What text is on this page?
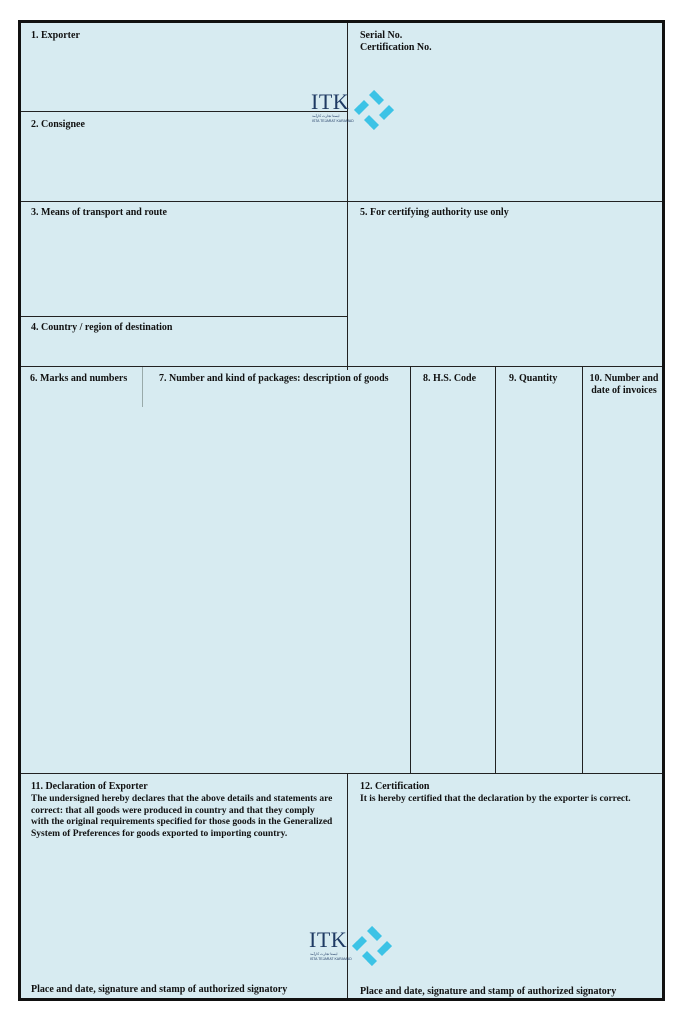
1. Exporter	Serial No.
Certification No.
2. Consignee
ITK
ایستا تجارت کارآمد
ISTA TEJARAT KARAMAD
3. Means of transport and route	5. For certifying authority use only
4. Country / region of destination
6. Marks and numbers	7. Number and kind of packages: description of goods	8. H.S. Code	9. Quantity	10. Number and date of invoices
11. Declaration of Exporter
The undersigned hereby declares that the above details and statements are correct: that all goods were produced in country and that they comply with the original requirements specified for those goods in the Generalized System of Preferences for goods exported to importing country.
Place and date, signature and stamp of authorized signatory
12. Certification
It is hereby certified that the declaration by the exporter is correct.
Place and date, signature and stamp of authorized signatory
ITK
ایستا تجارت کارآمد
ISTA TEJARAT KARAMAD
